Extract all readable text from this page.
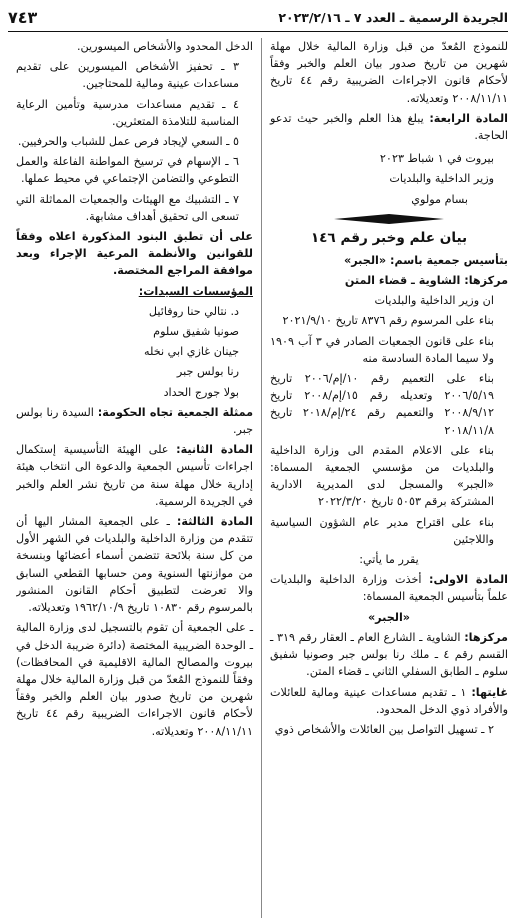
الجريدة الرسمية ـ العدد ٧ ـ ٢٠٢٣/٢/١٦
٧٤٣

للنموذج المُعدّ من قبل وزارة المالية خلال مهلة شهرين من تاريخ صدور بيان العلم والخبر وفقاً لأحكام قانون الاجراءات الضريبية رقم ٤٤ تاريخ ٢٠٠٨/١١/١١ وتعديلاته.

المادة الرابعة: يبلغ هذا العلم والخبر حيث تدعو الحاجة.

بيروت في ١ شباط ٢٠٢٣

وزير الداخلية والبلديات

بسام مولوي

بيان علم وخبر رقم ١٤٦

بتأسيس جمعية باسم: «الجبر»

مركزها: الشاوية ـ قضاء المتن

ان وزير الداخلية والبلديات

بناء على المرسوم رقم ٨٣٧٦ تاريخ ٢٠٢١/٩/١٠

بناء على قانون الجمعيات الصادر في ٣ آب ١٩٠٩ ولا سيما المادة السادسة منه

بناء على التعميم رقم ١٠/إم/٢٠٠٦ تاريخ ٢٠٠٦/٥/١٩ وتعديله رقم ١٥/إم/٢٠٠٨ تاريخ ٢٠٠٨/٩/١٢ والتعميم رقم ٢٤/إم/٢٠١٨ تاريخ ٢٠١٨/١١/٨

بناء على الاعلام المقدم الى وزارة الداخلية والبلديات من مؤسسي الجمعية المسماة: «الجبر» والمسجل لدى المديرية الادارية المشتركة برقم ٥٠٥٣ تاريخ ٢٠٢٢/٣/٢٠

بناء على اقتراح مدير عام الشؤون السياسية واللاجئين

يقرر ما يأتي:

المادة الاولى: أخذت وزارة الداخلية والبلديات علماً بتأسيس الجمعية المسماة:

«الجبر»

مركزها: الشاوية ـ الشارع العام ـ العقار رقم ٣١٩ ـ القسم رقم ٤ ـ ملك رنا بولس جبر وصونيا شفيق سلوم ـ الطابق السفلي الثاني ـ قضاء المتن.

غايتها: ١ ـ تقديم مساعدات عينية ومالية للعائلات والأفراد ذوي الدخل المحدود.

٢ ـ تسهيل التواصل بين العائلات والأشخاص ذوي

الدخل المحدود والأشخاص الميسورين.

٣ ـ تحفيز الأشخاص الميسورين على تقديم مساعدات عينية ومالية للمحتاجين.

٤ ـ تقديم مساعدات مدرسية وتأمين الرعاية المناسبة للتلامذة المتعثرين.

٥ ـ السعي لإيجاد فرص عمل للشباب والحرفيين.

٦ ـ الإسهام في ترسيخ المواطنة الفاعلة والعمل التطوعي والتضامن الإجتماعي في محيط عملها.

٧ ـ التشبيك مع الهيئات والجمعيات المماثلة التي تسعى الى تحقيق أهداف مشابهة.

على أن تطبق البنود المذكورة اعلاه وفقاً للقوانين والأنظمة المرعية الإجراء وبعد موافقة المراجع المختصة.

المؤسسات السيدات:

د. نتالي حنا روفائيل

صونيا شفيق سلوم

جينان غازي ابي نخله

رنا بولس جبر

بولا جورج الحداد

ممثلة الجمعية تجاه الحكومة: السيدة رنا بولس جبر.

المادة الثانية: على الهيئة التأسيسية إستكمال اجراءات تأسيس الجمعية والدعوة الى انتخاب هيئة إدارية خلال مهلة سنة من تاريخ نشر العلم والخبر في الجريدة الرسمية.

المادة الثالثة: ـ على الجمعية المشار اليها أن تتقدم من وزارة الداخلية والبلديات في الشهر الأول من كل سنة بلائحة تتضمن أسماء أعضائها وبنسخة من موازنتها السنوية ومن حسابها القطعي السابق والا تعرضت لتطبيق أحكام القانون المنشور بالمرسوم رقم ١٠٨٣٠ تاريخ ١٩٦٢/١٠/٩ وتعديلاته.

ـ على الجمعية أن تقوم بالتسجيل لدى وزارة المالية ـ الوحدة الضريبية المختصة (دائرة ضريبة الدخل في بيروت والمصالح المالية الاقليمية في المحافظات) وفقاً للنموذج المُعدّ من قبل وزارة المالية خلال مهلة شهرين من تاريخ صدور بيان العلم والخبر وفقاً لأحكام قانون الاجراءات الضريبية رقم ٤٤ تاريخ ٢٠٠٨/١١/١١ وتعديلاته.
